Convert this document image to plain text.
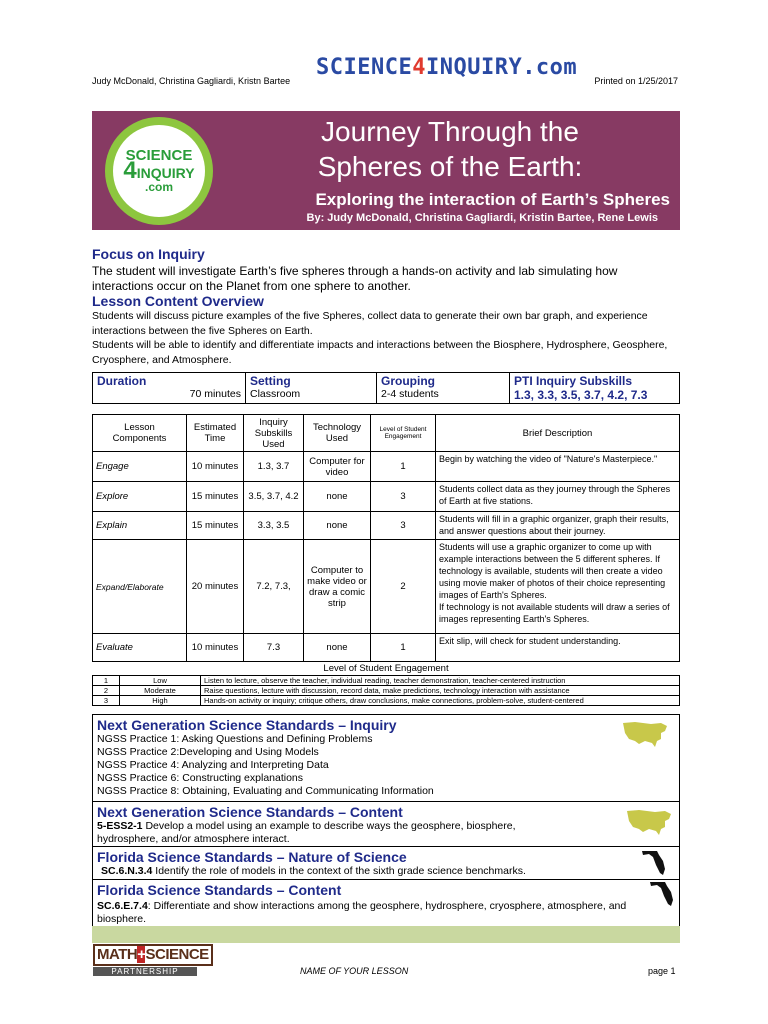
Judy McDonald, Christina Gagliardi, Kristn Bartee
SCIENCE4INQUIRY.com
Printed on 1/25/2017
SCIENCE
4INQUIRY
.com
Journey Through the
Spheres of the Earth:
Exploring the interaction of Earth’s Spheres
By: Judy McDonald, Christina Gagliardi, Kristin Bartee, Rene Lewis
Focus on Inquiry
The student will investigate Earth’s five spheres through a hands-on activity and lab simulating how interactions occur on the Planet from one sphere to another.
Lesson Content Overview
Students will discuss picture examples of the five Spheres, collect data to generate their own bar graph, and experience interactions between the five Spheres on Earth.
Students will be able to identify and differentiate impacts and interactions between the Biosphere, Hydrosphere, Geosphere, Cryosphere, and Atmosphere.
Duration
70 minutes

Setting
Classroom

Grouping
2-4 students

PTI Inquiry Subskills
1.3, 3.3, 3.5, 3.7, 4.2, 7.3
Lesson Components	Estimated Time	Inquiry Subskills Used	Technology Used	Level of Student Engagement	Brief Description
Engage	10 minutes	1.3, 3.7	Computer for video	1	Begin by watching the video of "Nature's Masterpiece."
Explore	15 minutes	3.5, 3.7, 4.2	none	3	Students collect data as they journey through the Spheres of Earth at five stations.
Explain	15 minutes	3.3, 3.5	none	3	Students will fill in a graphic organizer, graph their results, and answer questions about their journey.
Expand/Elaborate	20 minutes	7.2, 7.3,	Computer to make video or draw a comic strip	2	Students will use a graphic organizer to come up with example interactions between the 5 different spheres. If technology is available, students will then create a video using movie maker of photos of their choice representing images of Earth's Spheres.
If technology is not available students will draw a series of images representing Earth's Spheres.
Evaluate	10 minutes	7.3	none	1	Exit slip, will check for student understanding.
Level of Student Engagement
1	Low	Listen to lecture, observe the teacher, individual reading, teacher demonstration, teacher-centered instruction
2	Moderate	Raise questions, lecture with discussion, record data, make predictions, technology interaction with assistance
3	High	Hands-on activity or inquiry; critique others, draw conclusions, make connections, problem-solve, student-centered
Next Generation Science Standards – Inquiry
NGSS Practice 1: Asking Questions and Defining Problems
NGSS Practice 2:Developing and Using Models
NGSS Practice 4: Analyzing and Interpreting Data
NGSS Practice 6: Constructing explanations
NGSS Practice 8: Obtaining, Evaluating and Communicating Information
Next Generation Science Standards – Content
5-ESS2-1 Develop a model using an example to describe ways the geosphere, biosphere, hydrosphere, and/or atmosphere interact.
Florida Science Standards – Nature of Science
SC.6.N.3.4 Identify the role of models in the context of the sixth grade science benchmarks.
Florida Science Standards – Content
SC.6.E.7.4: Differentiate and show interactions among the geosphere, hydrosphere, cryosphere, atmosphere, and biosphere.
MATH+SCIENCE
PARTNERSHIP	NAME OF YOUR LESSON	page 1
